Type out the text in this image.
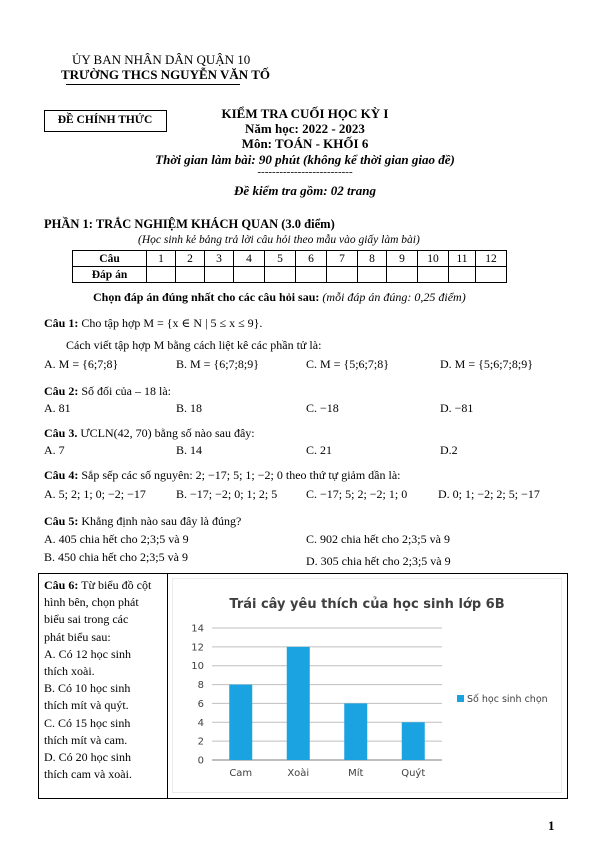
ỦY BAN NHÂN DÂN QUẬN 10
TRƯỜNG THCS NGUYỄN VĂN TỐ
ĐỀ CHÍNH THỨC	KIỂM TRA CUỐI HỌC KỲ I
Năm học: 2022 - 2023
Môn: TOÁN - KHỐI 6
Thời gian làm bài: 90 phút (không kể thời gian giao đề)
--------------------------
Đề kiểm tra gồm: 02 trang
PHẦN 1: TRẮC NGHIỆM KHÁCH QUAN (3.0 điểm)
(Học sinh kẻ bảng trả lời câu hỏi theo mẫu vào giấy làm bài)
Câu	1	2	3	4	5	6	7	8	9	10	11	12
Đáp án												
Chọn đáp án đúng nhất cho các câu hỏi sau: (mỗi đáp án đúng: 0,25 điểm)
Câu 1: Cho tập hợp M = {x ∈ N | 5 ≤ x ≤ 9}.
Cách viết tập hợp M bằng cách liệt kê các phần tử là:
A. M = {6;7;8}	B. M = {6;7;8;9}	C. M = {5;6;7;8}	D. M = {5;6;7;8;9}
Câu 2: Số đối của – 18 là:
A. 81	B. 18	C. −18	D. −81
Câu 3. ƯCLN(42, 70) bằng số nào sau đây:
A. 7	B. 14	C. 21	D.2
Câu 4: Sắp sếp các số nguyên: 2; −17; 5; 1; −2; 0 theo thứ tự giảm dần là:
A. 5; 2; 1; 0; −2; −17	B. −17; −2; 0; 1; 2; 5 C. −17; 5; 2; −2; 1; 0	D. 0; 1; −2; 2; 5; −17
Câu 5: Khẳng định nào sau đây là đúng?
A. 405 chia hết cho 2;3;5 và 9	C. 902 chia hết cho 2;3;5 và 9
B. 450 chia hết cho 2;3;5 và 9	D. 305 chia hết cho 2;3;5 và 9
Câu 6: Từ biểu đồ cột
hình bên, chọn phát
biểu sai trong các
phát biểu sau:
A. Có 12 học sinh
thích xoài.
B. Có 10 học sinh
thích mít và quýt.
C. Có 15 học sinh
thích mít và cam.
D. Có 20 học sinh
thích cam và xoài.
Trái cây yêu thích của học sinh lớp 6B
0
2
4
6
8
10
12
14
Cam	Xoài	Mít	Quýt
Số học sinh chọn
1
